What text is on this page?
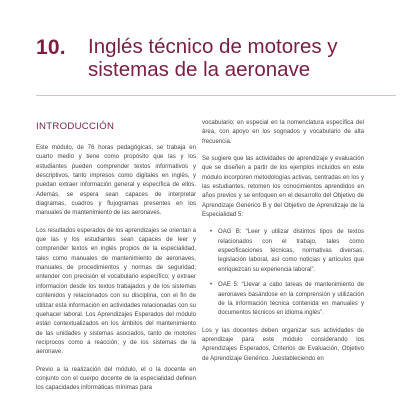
10. Inglés técnico de motores y sistemas de la aeronave
INTRODUCCIÓN

Este módulo, de 76 horas pedagógicas, se trabaja en cuarto medio y tiene como propósito que las y los estudiantes pueden comprender textos informativos y descriptivos, tanto impresos como digitales en inglés, y puedan extraer información general y específica de ellos. Además, se espera sean capaces de interpretar diagramas, cuadros y flujogramas presentes en los manuales de mantenimiento de las aeronaves.

Los resultados esperados de los aprendizajes se orientan a que las y los estudiantes sean capaces de leer y comprender textos en inglés propios de la especialidad, tales como manuales de mantenimiento de aeronaves, manuales de procedimientos y normas de seguridad; entender con precisión el vocabulario específico; y extraer información desde los textos trabajados y de los sistemas contenidos y relacionados con su disciplina, con el fin de utilizar esta información en actividades relacionadas con su quehacer laboral. Los Aprendizajes Esperados del módulo están contextualizados en los ámbitos del mantenimiento de las unidades y sistemas asociados, tanto de motores recíprocos como a reacción; y de los sistemas de la aeronave.

Previo a la realización del módulo, el o la docente en conjunto con el cuerpo docente de la especialidad definen los capacidades informáticas mínimas para

vocabulario; en especial en la nomenclatura específica del área, con apoyo en los sognados y vocabulario de alta frecuencia.

Se sugiere que las actividades de aprendizaje y evaluación que se diseñen a partir de los ejemplos incluidos en este módulo incorporen metodologías activas, centradas en los y las estudiantes, retomen los conocimientos aprendidos en años previos y se enfoquen en el desarrollo del Objetivo de Aprendizaje Genérico B y del Objetivo de Aprendizaje de la Especialidad 5:

• OAG B: “Leer y utilizar distintos tipos de textos relacionados con el trabajo, tales como especificaciones técnicas, normativas diversas, legislación laboral, así como noticias y artículos que enriquezcan su experiencia laboral”.
• OAE 5: “Llevar a cabo tareas de mantenimiento de aeronaves basándose en la comprensión y utilización de la información técnica contenida en manuales y documentos técnicos en idioma inglés”.

Los y las docentes deben organizar sus actividades de aprendizaje para este módulo considerando los Aprendizajes Esperados, Criterios de Evaluación, Objetivo de Aprendizaje Genérico. Juestableciendo en
